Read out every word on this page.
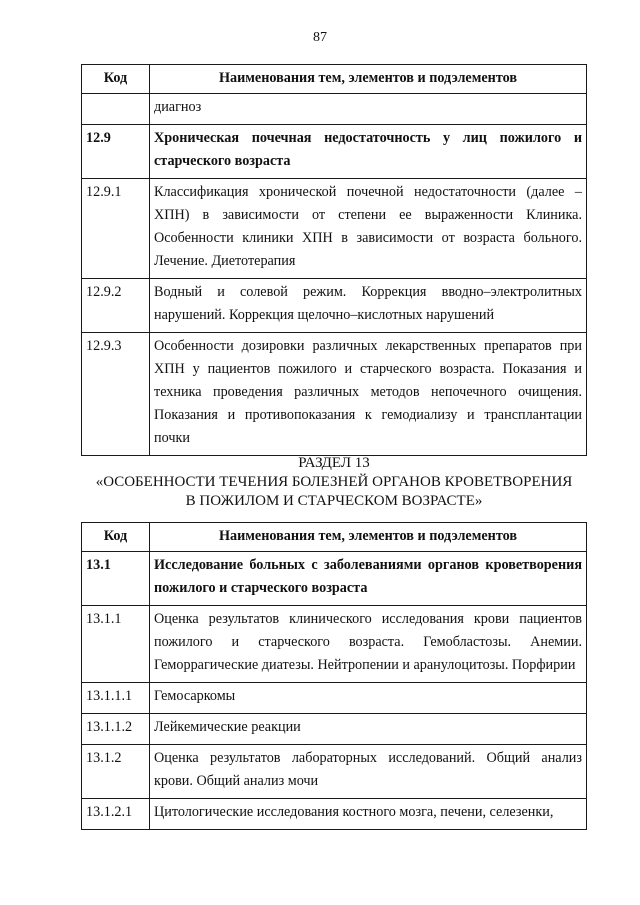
87
Код	Наименования тем, элементов и подэлементов
	диагноз
12.9	Хроническая почечная недостаточность у лиц пожилого и старческого возраста
12.9.1	Классификация хронической почечной недостаточности (далее – ХПН) в зависимости от степени ее выраженности Клиника. Особенности клиники ХПН в зависимости от возраста больного. Лечение. Диетотерапия
12.9.2	Водный и солевой режим. Коррекция вводно–электролитных нарушений. Коррекция щелочно–кислотных нарушений
12.9.3	Особенности дозировки различных лекарственных препаратов при ХПН у пациентов пожилого и старческого возраста. Показания и техника проведения различных методов непочечного очищения. Показания и противопоказания к гемодиализу и трансплантации почки
РАЗДЕЛ 13
«ОСОБЕННОСТИ ТЕЧЕНИЯ БОЛЕЗНЕЙ ОРГАНОВ КРОВЕТВОРЕНИЯ
В ПОЖИЛОМ И СТАРЧЕСКОМ ВОЗРАСТЕ»
Код	Наименования тем, элементов и подэлементов
13.1	Исследование больных с заболеваниями органов кроветворения пожилого и старческого возраста
13.1.1	Оценка результатов клинического исследования крови пациентов пожилого и старческого возраста. Гемобластозы. Анемии. Геморрагические диатезы. Нейтропении и аранулоцитозы. Порфирии
13.1.1.1	Гемосаркомы
13.1.1.2	Лейкемические реакции
13.1.2	Оценка результатов лабораторных исследований. Общий анализ крови. Общий анализ мочи
13.1.2.1	Цитологические исследования костного мозга, печени, селезенки,
